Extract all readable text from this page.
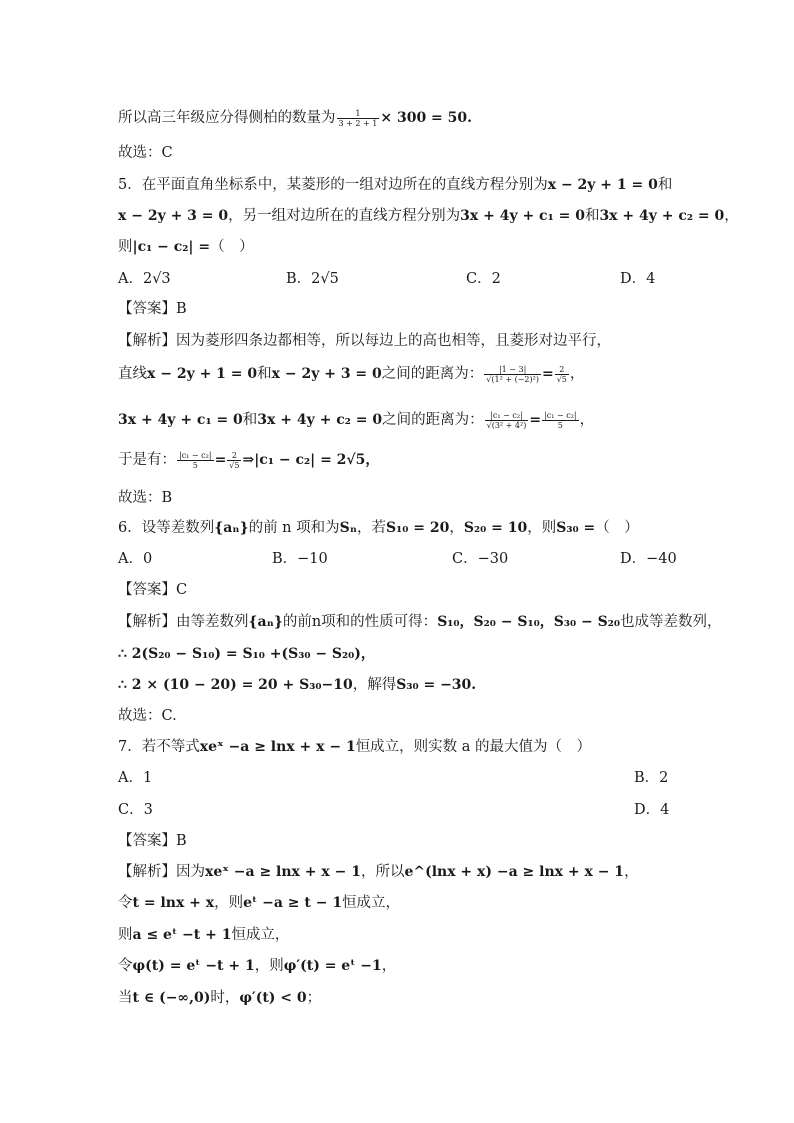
所以高三年级应分得侧柏的数量为 $\frac{1}{3 + 2 + 1} \times 300 = 50$.
故选：C
5．在平面直角坐标系中，某菱形的一组对边所在的直线方程分别为x − 2y + 1 = 0和
x − 2y + 3 = 0，另一组对边所在的直线方程分别为3x + 4y + c₁ = 0和3x + 4y + c₂ = 0，
则|c₁ − c₂| =（　）
A．2√3	B．2√5	C．2	D．4
【答案】B
【解析】因为菱形四条边都相等，所以每边上的高也相等，且菱形对边平行，
直线x − 2y + 1 = 0和x − 2y + 3 = 0之间的距离为： $\frac{|1 - 3|}{\text{√(1² + (−2)²)}} = \frac{2}{√5}$ ，
3x + 4y + c₁ = 0和3x + 4y + c₂ = 0之间的距离为： $\frac{\text{|c₁ − c₂|}}{\text{√(3² + 4²)}} = \frac{\text{|c₁ − c₂|}}{5}$ ，
于是有： $\frac{\text{|c₁ − c₂|}}{5} = \frac{2}{√5}$ ⇒|c₁ − c₂| = 2√5，
故选：B
6．设等差数列{aₙ}的前 n 项和为Sₙ，若S₁₀ = 20，S₂₀ = 10，则S₃₀ =（　）
A．0	B．−10	C．−30	D．−40
【答案】C
【解析】由等差数列{aₙ}的前n项和的性质可得：S₁₀，S₂₀ − S₁₀，S₃₀ − S₂₀也成等差数列，
∴ 2(S₂₀ − S₁₀) = S₁₀ +(S₃₀ − S₂₀)，
∴ 2 × (10 − 20) = 20 + S₃₀−10，解得S₃₀ = −30.
故选：C.
7．若不等式xeˣ −a ≥ lnx + x − 1恒成立，则实数 a 的最大值为（　）
A．1	B．2
C．3	D．4
【答案】B
【解析】因为xeˣ −a ≥ lnx + x − 1，所以e^(lnx + x) −a ≥ lnx + x − 1，
令t = lnx + x，则eᵗ −a ≥ t − 1恒成立，
则a ≤ eᵗ −t + 1恒成立，
令φ(t) = eᵗ −t + 1，则φ′(t) = eᵗ −1，
当t ∈ (−∞,0)时，φ′(t) < 0；
